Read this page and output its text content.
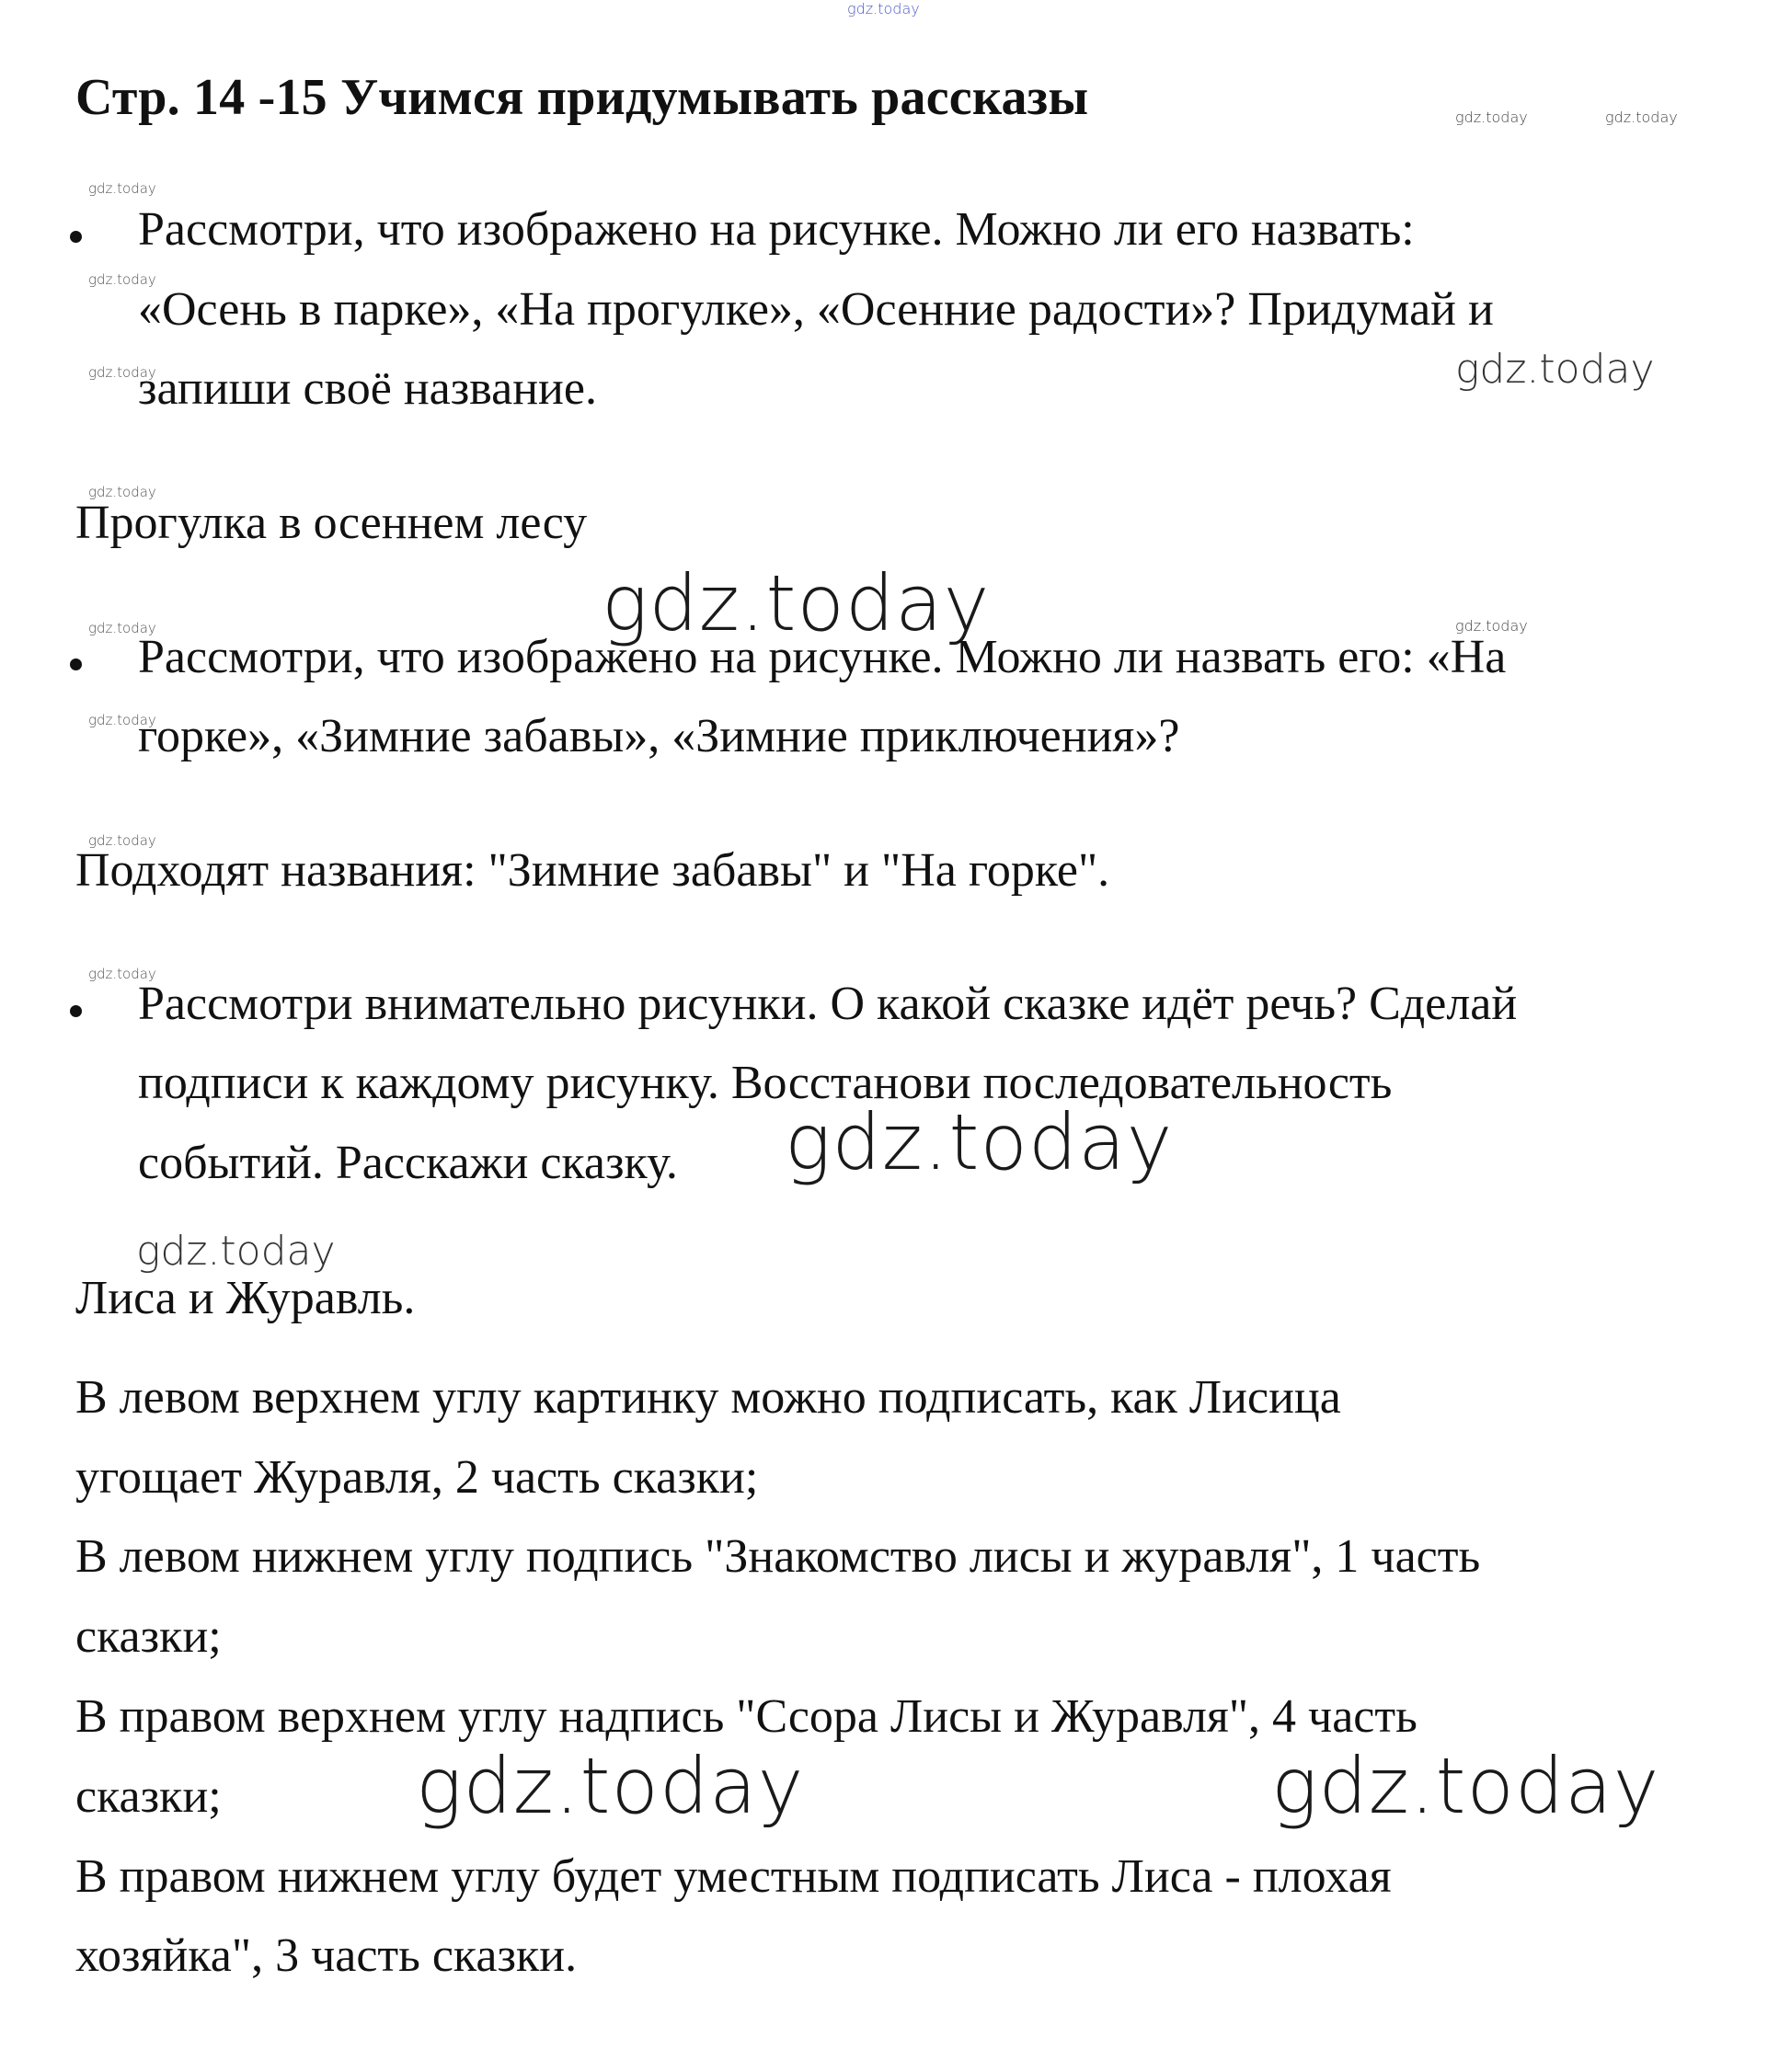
gdz.today
gdz.today	gdz.today
gdz.today
gdz.today
gdz.today	gdz.today
gdz.today
gdz.today
gdz.today	gdz.today
gdz.today
gdz.today
gdz.today
gdz.today
gdz.today
gdz.today	gdz.today
Стр. 14 -15 Учимся придумывать рассказы

Рассмотри, что изображено на рисунке. Можно ли его назвать:

«Осень в парке», «На прогулке», «Осенние радости»? Придумай и

запиши своё название.

Прогулка в осеннем лесу

Рассмотри, что изображено на рисунке. Можно ли назвать его: «На

горке», «Зимние забавы», «Зимние приключения»?

Подходят названия: "Зимние забавы" и "На горке".

Рассмотри внимательно рисунки. О какой сказке идёт речь? Сделай

подписи к каждому рисунку. Восстанови последовательность

событий. Расскажи сказку.

Лиса и Журавль.

В левом верхнем углу картинку можно подписать, как Лисица

угощает Журавля, 2 часть сказки;

В левом нижнем углу подпись "Знакомство лисы и журавля", 1 часть

сказки;

В правом верхнем углу надпись "Ссора Лисы и Журавля", 4 часть

сказки;

В правом нижнем углу будет уместным подписать Лиса - плохая

хозяйка", 3 часть сказки.
